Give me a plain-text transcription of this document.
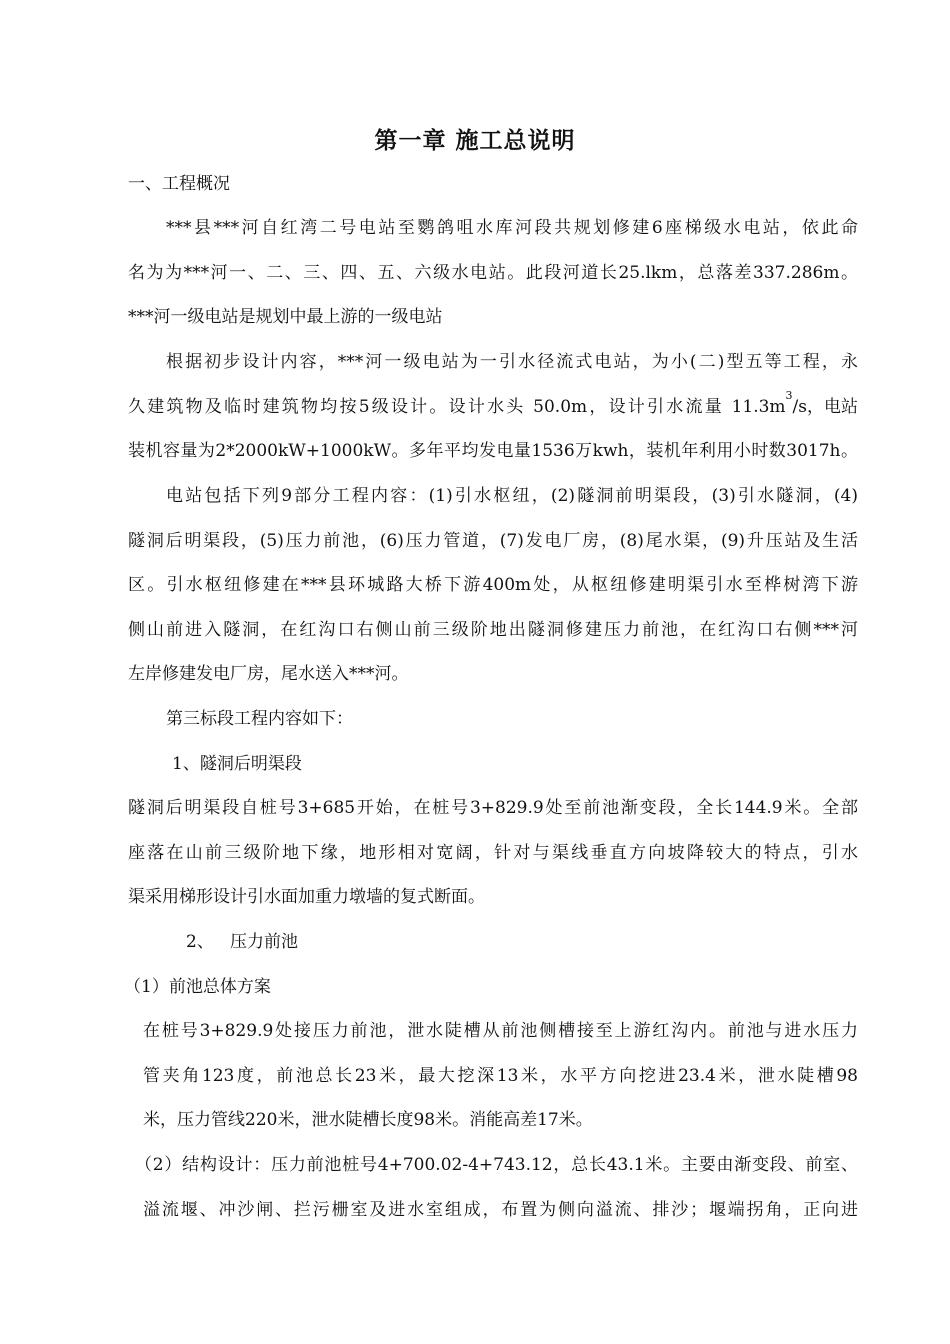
第一章 施工总说明
一、工程概况
***县***河自红湾二号电站至鹦鸽咀水库河段共规划修建6座梯级水电站，依此命
名为为***河一、二、三、四、五、六级水电站。此段河道长25.lkm，总落差337.286m。
***河一级电站是规划中最上游的一级电站
根据初步设计内容，***河一级电站为一引水径流式电站，为小(二)型五等工程，永
久建筑物及临时建筑物均按5级设计。设计水头 50.0m，设计引水流量 11.3m
3
/s，电站
装机容量为2*2000kW+1000kW。多年平均发电量1536万kwh，装机年利用小时数3017h。
电站包括下列9部分工程内容：(1)引水枢纽，(2)隧洞前明渠段，(3)引水隧洞，(4)
隧洞后明渠段，(5)压力前池，(6)压力管道，(7)发电厂房，(8)尾水渠，(9)升压站及生活
区。引水枢纽修建在***县环城路大桥下游400m处，从枢纽修建明渠引水至桦树湾下游
侧山前进入隧洞，在红沟口右侧山前三级阶地出隧洞修建压力前池，在红沟口右侧***河
左岸修建发电厂房，尾水送入***河。
第三标段工程内容如下：
1、隧洞后明渠段
隧洞后明渠段自桩号3+685开始，在桩号3+829.9处至前池渐变段，全长144.9米。全部
座落在山前三级阶地下缘，地形相对宽阔，针对与渠线垂直方向坡降较大的特点，引水
渠采用梯形设计引水面加重力墩墙的复式断面。
2、   压力前池
（1）前池总体方案
在桩号3+829.9处接压力前池，泄水陡槽从前池侧槽接至上游红沟内。前池与进水压力
管夹角123度，前池总长23米，最大挖深13米，水平方向挖进23.4米，泄水陡槽98
米，压力管线220米，泄水陡槽长度98米。消能高差17米。
（2）结构设计：压力前池桩号4+700.02-4+743.12，总长43.1米。主要由渐变段、前室、
溢流堰、冲沙闸、拦污栅室及进水室组成，布置为侧向溢流、排沙；堰端拐角，正向进
